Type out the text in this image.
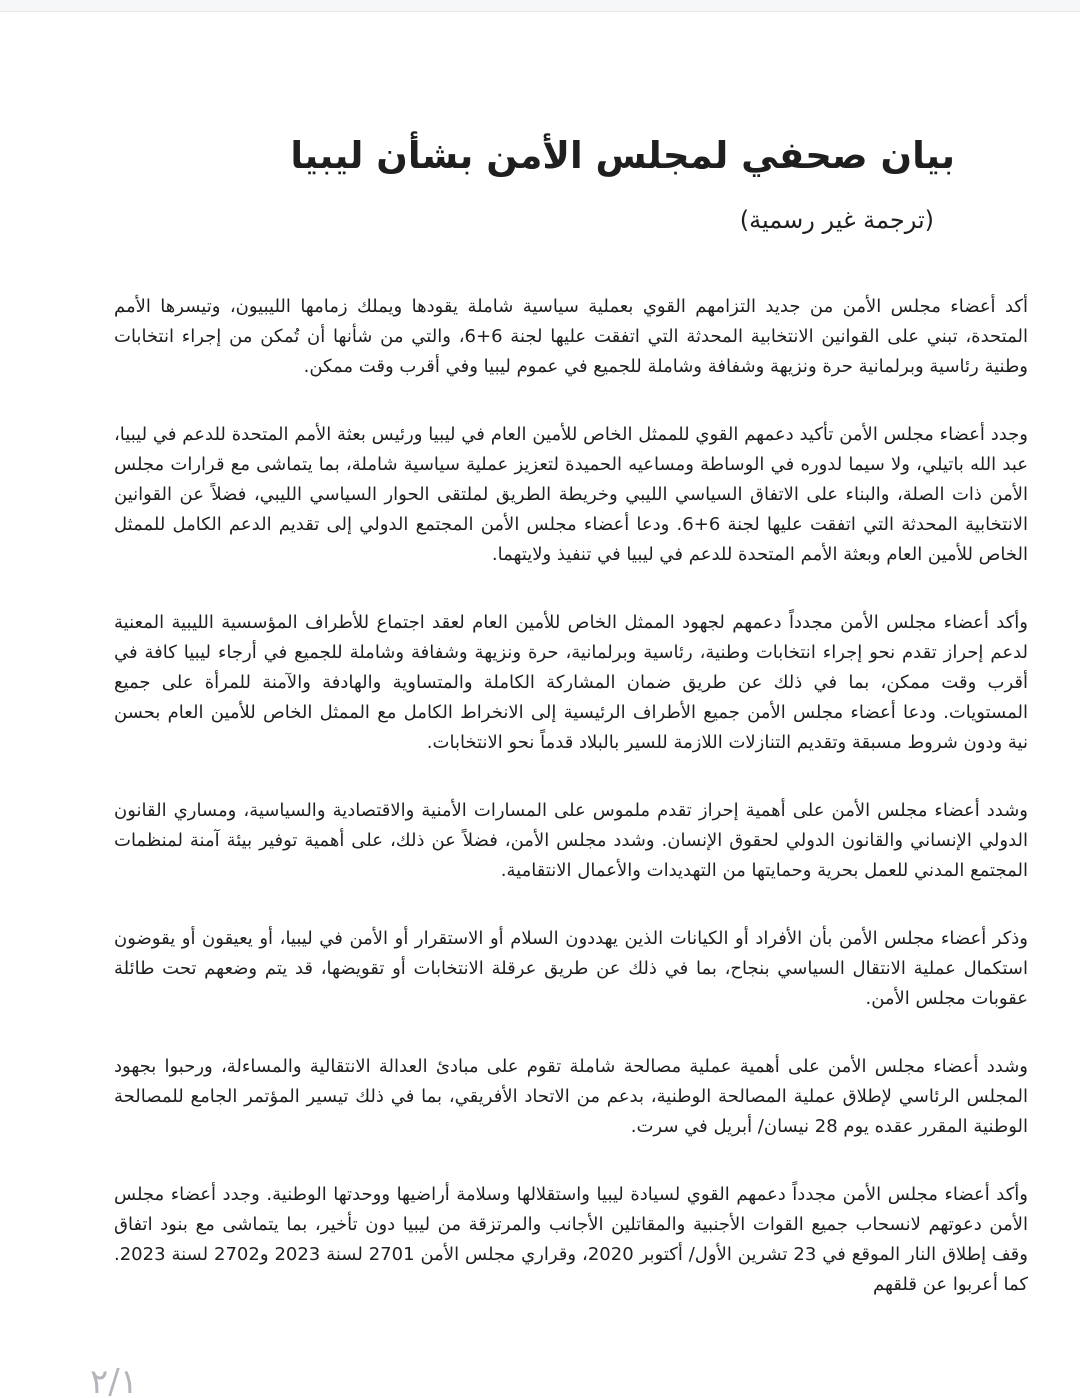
بيان صحفي لمجلس الأمن بشأن ليبيا
(ترجمة غير رسمية)

أكد أعضاء مجلس الأمن من جديد التزامهم القوي بعملية سياسية شاملة يقودها ويملك زمامها الليبيون، وتيسرها الأمم المتحدة، تبني على القوانين الانتخابية المحدثة التي اتفقت عليها لجنة 6+6، والتي من شأنها أن تُمكن من إجراء انتخابات وطنية رئاسية وبرلمانية حرة ونزيهة وشفافة وشاملة للجميع في عموم ليبيا وفي أقرب وقت ممكن.

وجدد أعضاء مجلس الأمن تأكيد دعمهم القوي للممثل الخاص للأمين العام في ليبيا ورئيس بعثة الأمم المتحدة للدعم في ليبيا، عبد الله باتيلي، ولا سيما لدوره في الوساطة ومساعيه الحميدة لتعزيز عملية سياسية شاملة، بما يتماشى مع قرارات مجلس الأمن ذات الصلة، والبناء على الاتفاق السياسي الليبي وخريطة الطريق لملتقى الحوار السياسي الليبي، فضلاً عن القوانين الانتخابية المحدثة التي اتفقت عليها لجنة 6+6. ودعا أعضاء مجلس الأمن المجتمع الدولي إلى تقديم الدعم الكامل للممثل الخاص للأمين العام وبعثة الأمم المتحدة للدعم في ليبيا في تنفيذ ولايتهما.

وأكد أعضاء مجلس الأمن مجدداً دعمهم لجهود الممثل الخاص للأمين العام لعقد اجتماع للأطراف المؤسسية الليبية المعنية لدعم إحراز تقدم نحو إجراء انتخابات وطنية، رئاسية وبرلمانية، حرة ونزيهة وشفافة وشاملة للجميع في أرجاء ليبيا كافة في أقرب وقت ممكن، بما في ذلك عن طريق ضمان المشاركة الكاملة والمتساوية والهادفة والآمنة للمرأة على جميع المستويات. ودعا أعضاء مجلس الأمن جميع الأطراف الرئيسية إلى الانخراط الكامل مع الممثل الخاص للأمين العام بحسن نية ودون شروط مسبقة وتقديم التنازلات اللازمة للسير بالبلاد قدماً نحو الانتخابات.

وشدد أعضاء مجلس الأمن على أهمية إحراز تقدم ملموس على المسارات الأمنية والاقتصادية والسياسية، ومساري القانون الدولي الإنساني والقانون الدولي لحقوق الإنسان. وشدد مجلس الأمن، فضلاً عن ذلك، على أهمية توفير بيئة آمنة لمنظمات المجتمع المدني للعمل بحرية وحمايتها من التهديدات والأعمال الانتقامية.

وذكر أعضاء مجلس الأمن بأن الأفراد أو الكيانات الذين يهددون السلام أو الاستقرار أو الأمن في ليبيا، أو يعيقون أو يقوضون استكمال عملية الانتقال السياسي بنجاح، بما في ذلك عن طريق عرقلة الانتخابات أو تقويضها، قد يتم وضعهم تحت طائلة عقوبات مجلس الأمن.

وشدد أعضاء مجلس الأمن على أهمية عملية مصالحة شاملة تقوم على مبادئ العدالة الانتقالية والمساءلة، ورحبوا بجهود المجلس الرئاسي لإطلاق عملية المصالحة الوطنية، بدعم من الاتحاد الأفريقي، بما في ذلك تيسير المؤتمر الجامع للمصالحة الوطنية المقرر عقده يوم 28 نيسان/ أبريل في سرت.

وأكد أعضاء مجلس الأمن مجدداً دعمهم القوي لسيادة ليبيا واستقلالها وسلامة أراضيها ووحدتها الوطنية. وجدد أعضاء مجلس الأمن دعوتهم لانسحاب جميع القوات الأجنبية والمقاتلين الأجانب والمرتزقة من ليبيا دون تأخير، بما يتماشى مع بنود اتفاق وقف إطلاق النار الموقع في 23 تشرين الأول/ أكتوبر 2020، وقراري مجلس الأمن 2701 لسنة 2023 و2702 لسنة 2023. كما أعربوا عن قلقهم

٢/١
